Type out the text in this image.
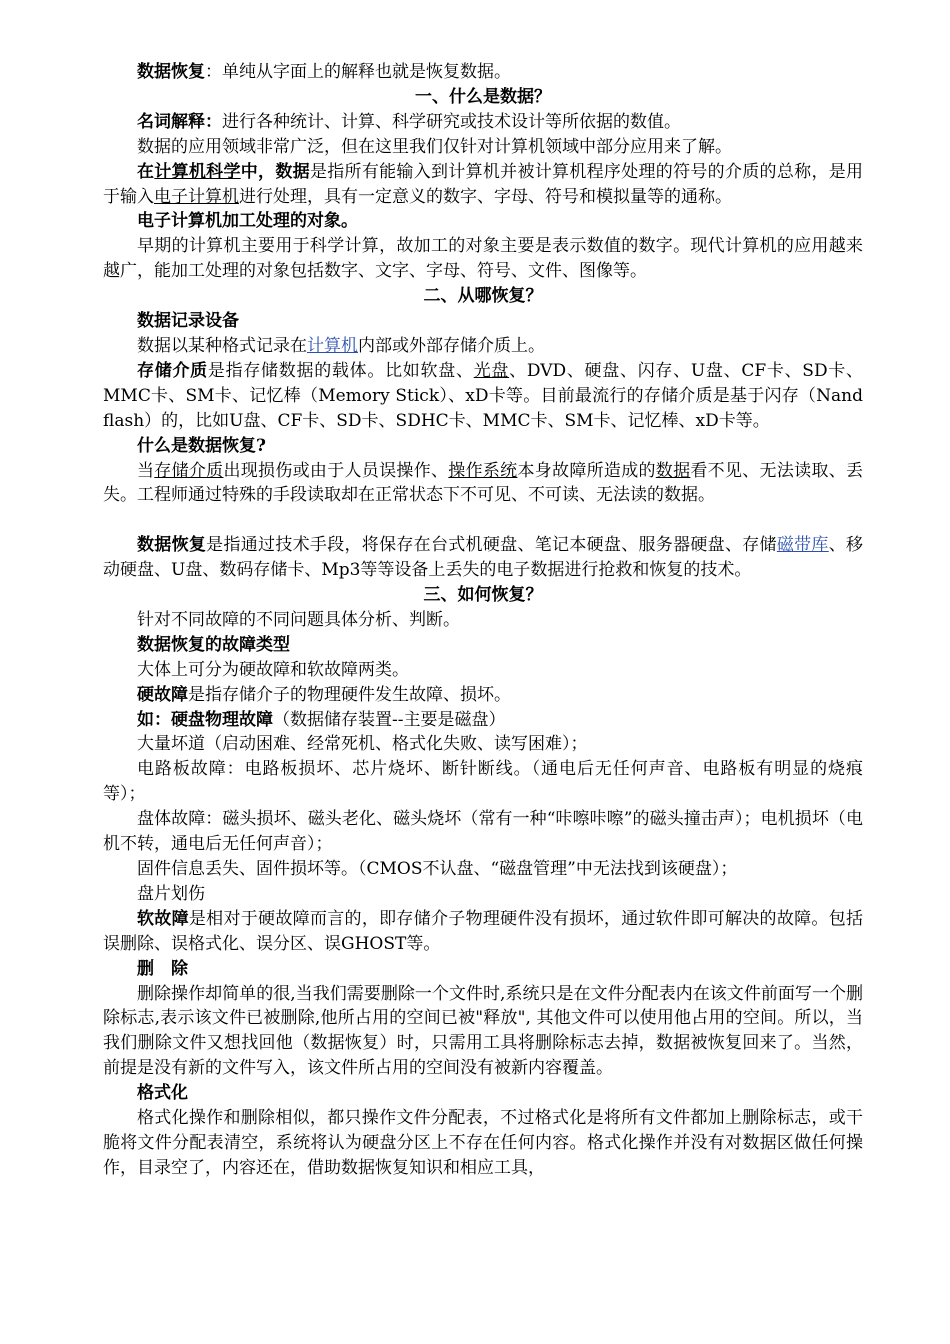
数据恢复：单纯从字面上的解释也就是恢复数据。

一、什么是数据？

名词解释：进行各种统计、计算、科学研究或技术设计等所依据的数值。

数据的应用领域非常广泛，但在这里我们仅针对计算机领域中部分应用来了解。

在计算机科学中，数据是指所有能输入到计算机并被计算机程序处理的符号的介质的总称，是用于输入电子计算机进行处理，具有一定意义的数字、字母、符号和模拟量等的通称。

电子计算机加工处理的对象。

早期的计算机主要用于科学计算，故加工的对象主要是表示数值的数字。现代计算机的应用越来越广，能加工处理的对象包括数字、文字、字母、符号、文件、图像等。

二、从哪恢复？

数据记录设备

数据以某种格式记录在计算机内部或外部存储介质上。

存储介质是指存储数据的载体。比如软盘、光盘、DVD、硬盘、闪存、U盘、CF卡、SD卡、MMC卡、SM卡、记忆棒（Memory Stick）、xD卡等。目前最流行的存储介质是基于闪存（Nand flash）的，比如U盘、CF卡、SD卡、SDHC卡、MMC卡、SM卡、记忆棒、xD卡等。

什么是数据恢复?

当存储介质出现损伤或由于人员误操作、操作系统本身故障所造成的数据看不见、无法读取、丢失。工程师通过特殊的手段读取却在正常状态下不可见、不可读、无法读的数据。

数据恢复是指通过技术手段，将保存在台式机硬盘、笔记本硬盘、服务器硬盘、存储磁带库、移动硬盘、U盘、数码存储卡、Mp3等等设备上丢失的电子数据进行抢救和恢复的技术。

三、如何恢复？

针对不同故障的不同问题具体分析、判断。

数据恢复的故障类型

大体上可分为硬故障和软故障两类。

硬故障是指存储介子的物理硬件发生故障、损坏。

如：硬盘物理故障（数据储存装置--主要是磁盘）

大量坏道（启动困难、经常死机、格式化失败、读写困难）；

电路板故障：电路板损坏、芯片烧坏、断针断线。（通电后无任何声音、电路板有明显的烧痕等）；

盘体故障：磁头损坏、磁头老化、磁头烧坏（常有一种“咔嚓咔嚓”的磁头撞击声）；电机损坏（电机不转，通电后无任何声音）；

固件信息丢失、固件损坏等。（CMOS不认盘、“磁盘管理”中无法找到该硬盘）；

盘片划伤

软故障是相对于硬故障而言的，即存储介子物理硬件没有损坏，通过软件即可解决的故障。包括误删除、误格式化、误分区、误GHOST等。

删　除

删除操作却简单的很,当我们需要删除一个文件时,系统只是在文件分配表内在该文件前面写一个删除标志,表示该文件已被删除,他所占用的空间已被"释放", 其他文件可以使用他占用的空间。所以，当我们删除文件又想找回他（数据恢复）时，只需用工具将删除标志去掉，数据被恢复回来了。当然，前提是没有新的文件写入，该文件所占用的空间没有被新内容覆盖。

格式化

格式化操作和删除相似，都只操作文件分配表，不过格式化是将所有文件都加上删除标志，或干脆将文件分配表清空，系统将认为硬盘分区上不存在任何内容。格式化操作并没有对数据区做任何操作，目录空了，内容还在，借助数据恢复知识和相应工具，
